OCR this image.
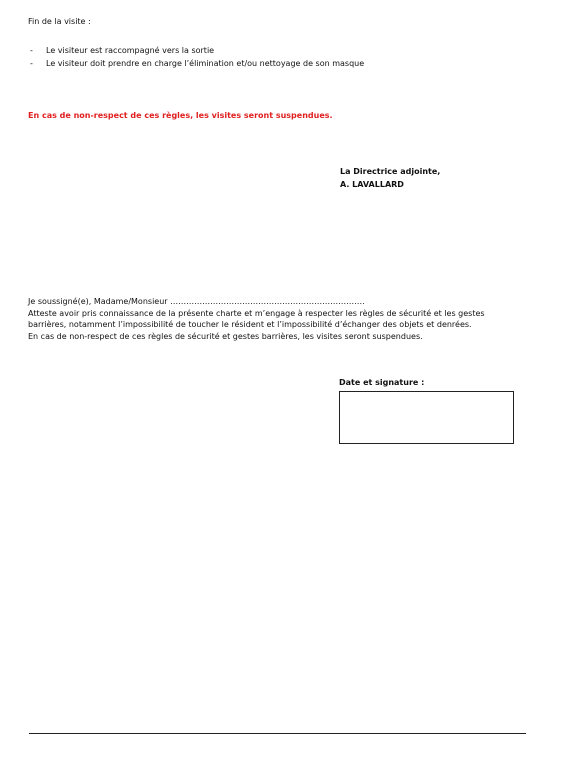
Fin de la visite :
- Le visiteur est raccompagné vers la sortie
- Le visiteur doit prendre en charge l’élimination et/ou nettoyage de son masque
En cas de non-respect de ces règles, les visites seront suspendues.
La Directrice adjointe,
A. LAVALLARD
Je soussigné(e), Madame/Monsieur ……………………………………………………………….
Atteste avoir pris connaissance de la présente charte et m’engage à respecter les règles de sécurité et les gestes
barrières, notamment l’impossibilité de toucher le résident et l’impossibilité d’échanger des objets et denrées.
En cas de non-respect de ces règles de sécurité et gestes barrières, les visites seront suspendues.
Date et signature :
